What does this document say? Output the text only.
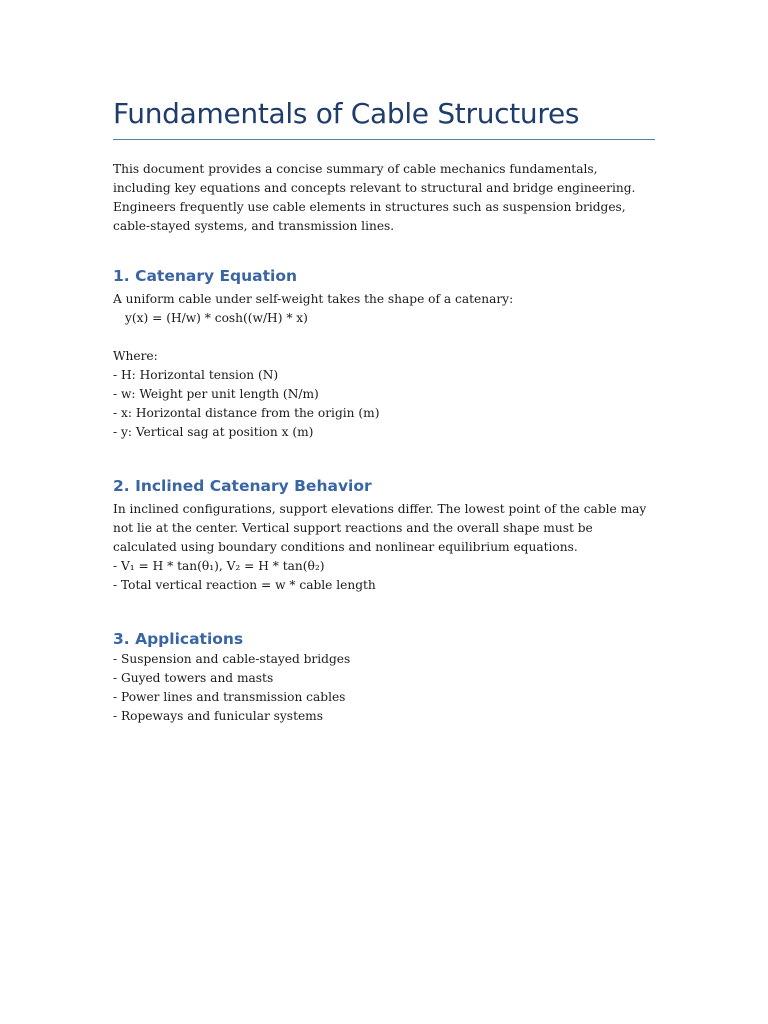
Fundamentals of Cable Structures

This document provides a concise summary of cable mechanics fundamentals, including key equations and concepts relevant to structural and bridge engineering. Engineers frequently use cable elements in structures such as suspension bridges, cable-stayed systems, and transmission lines.

1. Catenary Equation

A uniform cable under self-weight takes the shape of a catenary:

y(x) = (H/w) * cosh((w/H) * x)

Where:

- H: Horizontal tension (N)

- w: Weight per unit length (N/m)

- x: Horizontal distance from the origin (m)

- y: Vertical sag at position x (m)

2. Inclined Catenary Behavior

In inclined configurations, support elevations differ. The lowest point of the cable may not lie at the center. Vertical support reactions and the overall shape must be calculated using boundary conditions and nonlinear equilibrium equations.

- V₁ = H * tan(θ₁), V₂ = H * tan(θ₂)

- Total vertical reaction = w * cable length

3. Applications

- Suspension and cable-stayed bridges

- Guyed towers and masts

- Power lines and transmission cables

- Ropeways and funicular systems
